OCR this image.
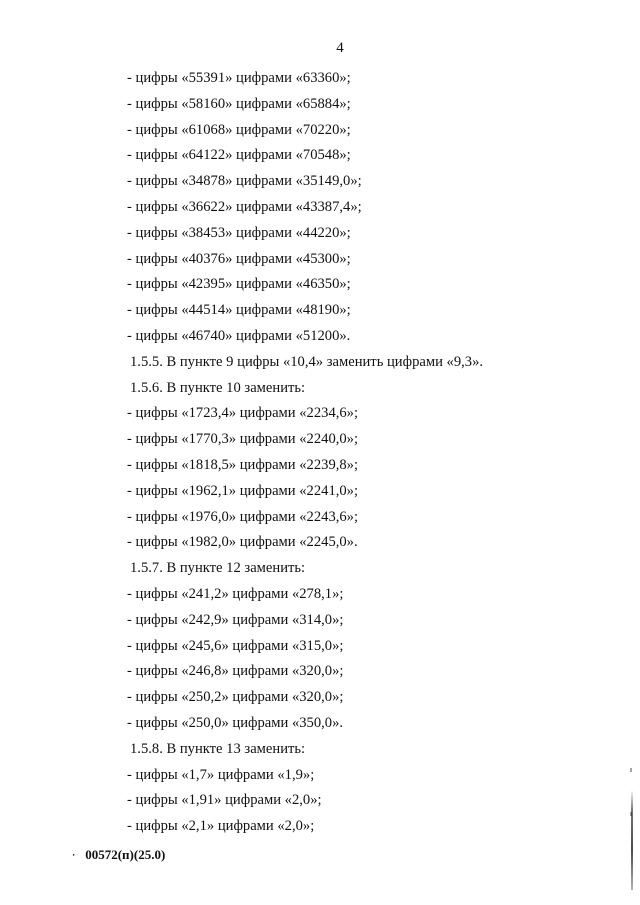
4
- цифры «55391» цифрами «63360»;
- цифры «58160» цифрами «65884»;
- цифры «61068» цифрами «70220»;
- цифры «64122» цифрами «70548»;
- цифры «34878» цифрами «35149,0»;
- цифры «36622» цифрами «43387,4»;
- цифры «38453» цифрами «44220»;
- цифры «40376» цифрами «45300»;
- цифры «42395» цифрами «46350»;
- цифры «44514» цифрами «48190»;
- цифры «46740» цифрами «51200».
1.5.5. В пункте 9 цифры «10,4» заменить цифрами «9,3».
1.5.6. В пункте 10 заменить:
- цифры «1723,4» цифрами «2234,6»;
- цифры «1770,3» цифрами «2240,0»;
- цифры «1818,5» цифрами «2239,8»;
- цифры «1962,1» цифрами «2241,0»;
- цифры «1976,0» цифрами «2243,6»;
- цифры «1982,0» цифрами «2245,0».
1.5.7. В пункте 12 заменить:
- цифры «241,2» цифрами «278,1»;
- цифры «242,9» цифрами «314,0»;
- цифры «245,6» цифрами «315,0»;
- цифры «246,8» цифрами «320,0»;
- цифры «250,2» цифрами «320,0»;
- цифры «250,0» цифрами «350,0».
1.5.8. В пункте 13 заменить:
- цифры «1,7» цифрами «1,9»;
- цифры «1,91» цифрами «2,0»;
- цифры «2,1» цифрами «2,0»;
⸱ 00572(п)(25.0)
